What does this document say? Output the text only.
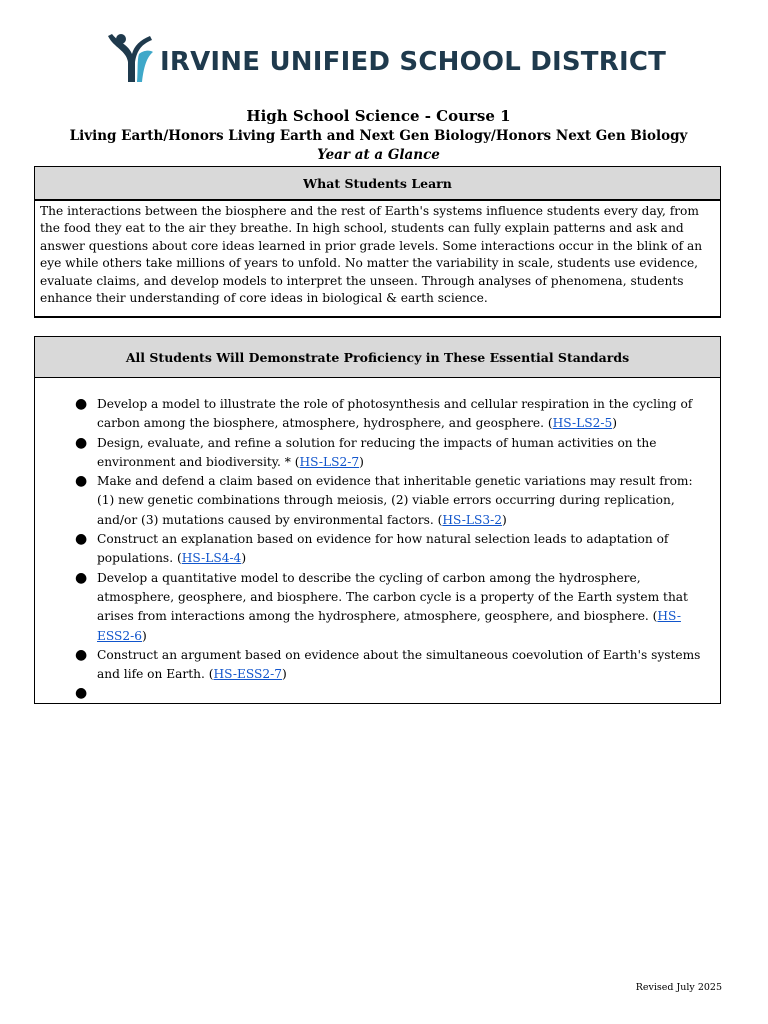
IRVINE UNIFIED SCHOOL DISTRICT
High School Science - Course 1
Living Earth/Honors Living Earth and Next Gen Biology/Honors Next Gen Biology
Year at a Glance
What Students Learn
The interactions between the biosphere and the rest of Earth's systems influence students every day, from the food they eat to the air they breathe. In high school, students can fully explain patterns and ask and answer questions about core ideas learned in prior grade levels. Some interactions occur in the blink of an eye while others take millions of years to unfold. No matter the variability in scale, students use evidence, evaluate claims, and develop models to interpret the unseen. Through analyses of phenomena, students enhance their understanding of core ideas in biological & earth science.
All Students Will Demonstrate Proficiency in These Essential Standards
● Develop a model to illustrate the role of photosynthesis and cellular respiration in the cycling of carbon among the biosphere, atmosphere, hydrosphere, and geosphere. (HS-LS2-5)
● Design, evaluate, and refine a solution for reducing the impacts of human activities on the environment and biodiversity. * (HS-LS2-7)
● Make and defend a claim based on evidence that inheritable genetic variations may result from: (1) new genetic combinations through meiosis, (2) viable errors occurring during replication, and/or (3) mutations caused by environmental factors. (HS-LS3-2)
● Construct an explanation based on evidence for how natural selection leads to adaptation of populations. (HS-LS4-4)
● Develop a quantitative model to describe the cycling of carbon among the hydrosphere, atmosphere, geosphere, and biosphere. The carbon cycle is a property of the Earth system that arises from interactions among the hydrosphere, atmosphere, geosphere, and biosphere. (HS-ESS2-6)
● Construct an argument based on evidence about the simultaneous coevolution of Earth's systems and life on Earth. (HS-ESS2-7)
●
Revised July 2025
